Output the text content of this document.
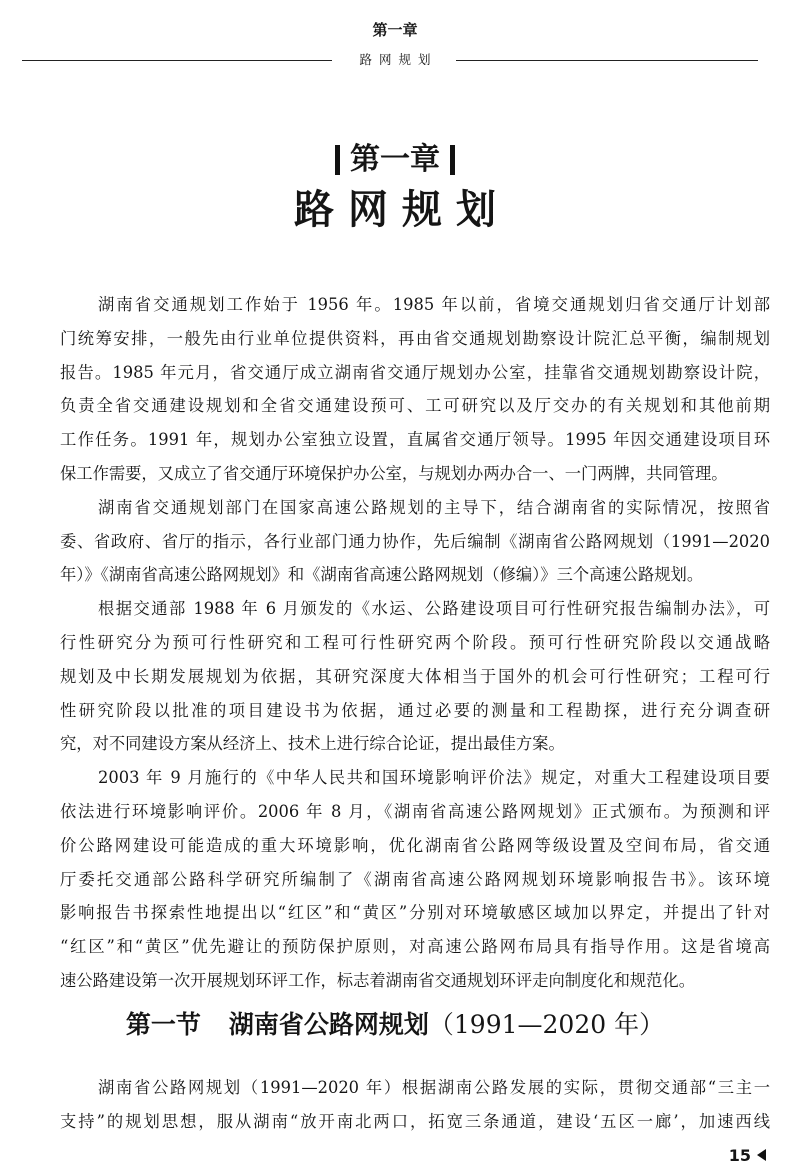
第一章
路网规划
第一章
路网规划
湖南省交通规划工作始于 1956 年。1985 年以前，省境交通规划归省交通厅计划部
门统筹安排，一般先由行业单位提供资料，再由省交通规划勘察设计院汇总平衡，编制规划
报告。1985 年元月，省交通厅成立湖南省交通厅规划办公室，挂靠省交通规划勘察设计院，
负责全省交通建设规划和全省交通建设预可、工可研究以及厅交办的有关规划和其他前期
工作任务。1991 年，规划办公室独立设置，直属省交通厅领导。1995 年因交通建设项目环
保工作需要，又成立了省交通厅环境保护办公室，与规划办两办合一、一门两牌，共同管理。
湖南省交通规划部门在国家高速公路规划的主导下，结合湖南省的实际情况，按照省
委、省政府、省厅的指示，各行业部门通力协作，先后编制《湖南省公路网规划（1991—2020
年）》《湖南省高速公路网规划》和《湖南省高速公路网规划（修编）》三个高速公路规划。
根据交通部 1988 年 6 月颁发的《水运、公路建设项目可行性研究报告编制办法》，可
行性研究分为预可行性研究和工程可行性研究两个阶段。预可行性研究阶段以交通战略
规划及中长期发展规划为依据，其研究深度大体相当于国外的机会可行性研究；工程可行
性研究阶段以批准的项目建设书为依据，通过必要的测量和工程勘探，进行充分调查研
究，对不同建设方案从经济上、技术上进行综合论证，提出最佳方案。
2003 年 9 月施行的《中华人民共和国环境影响评价法》规定，对重大工程建设项目要
依法进行环境影响评价。2006 年 8 月，《湖南省高速公路网规划》正式颁布。为预测和评
价公路网建设可能造成的重大环境影响，优化湖南省公路网等级设置及空间布局，省交通
厅委托交通部公路科学研究所编制了《湖南省高速公路网规划环境影响报告书》。该环境
影响报告书探索性地提出以“红区”和“黄区”分别对环境敏感区域加以界定，并提出了针对
“红区”和“黄区”优先避让的预防保护原则，对高速公路网布局具有指导作用。这是省境高
速公路建设第一次开展规划环评工作，标志着湖南省交通规划环评走向制度化和规范化。
第一节 湖南省公路网规划（1991—2020 年）
湖南省公路网规划（1991—2020 年）根据湖南公路发展的实际，贯彻交通部“三主一
支持”的规划思想，服从湖南“放开南北两口，拓宽三条通道，建设‘五区一廊’，加速西线
15
